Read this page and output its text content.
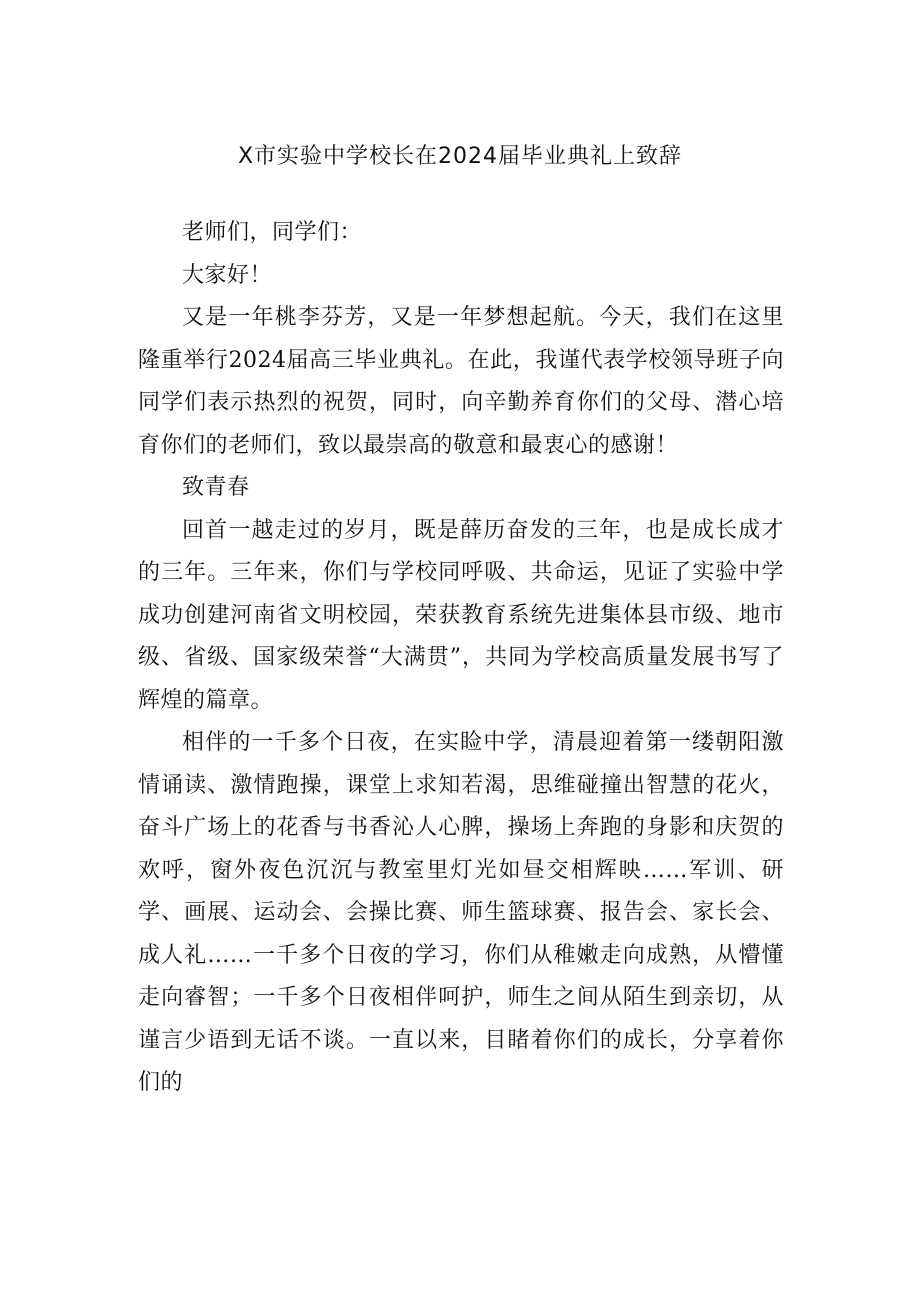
X市实验中学校长在2024届毕业典礼上致辞

老师们，同学们：

大家好！

又是一年桃李芬芳，又是一年梦想起航。今天，我们在这里隆重举行2024届高三毕业典礼。在此，我谨代表学校领导班子向同学们表示热烈的祝贺，同时，向辛勤养育你们的父母、潜心培育你们的老师们，致以最崇高的敬意和最衷心的感谢！

致青春

回首一越走过的岁月，既是薛历奋发的三年，也是成长成才的三年。三年来，你们与学校同呼吸、共命运，见证了实验中学成功创建河南省文明校园，荣获教育系统先进集体县市级、地市级、省级、国家级荣誉“大满贯”，共同为学校高质量发展书写了辉煌的篇章。

相伴的一千多个日夜，在实睑中学，清晨迎着第一缕朝阳激情诵读、激情跑操，课堂上求知若渴，思维碰撞出智慧的花火，奋斗广场上的花香与书香沁人心脾，操场上奔跑的身影和庆贺的欢呼，窗外夜色沉沉与教室里灯光如昼交相辉映……军训、研学、画展、运动会、会操比赛、师生篮球赛、报告会、家长会、成人礼……一千多个日夜的学习，你们从稚嫩走向成熟，从懵懂走向睿智；一千多个日夜相伴呵护，师生之间从陌生到亲切，从谨言少语到无话不谈。一直以来，目睹着你们的成长，分享着你们的
